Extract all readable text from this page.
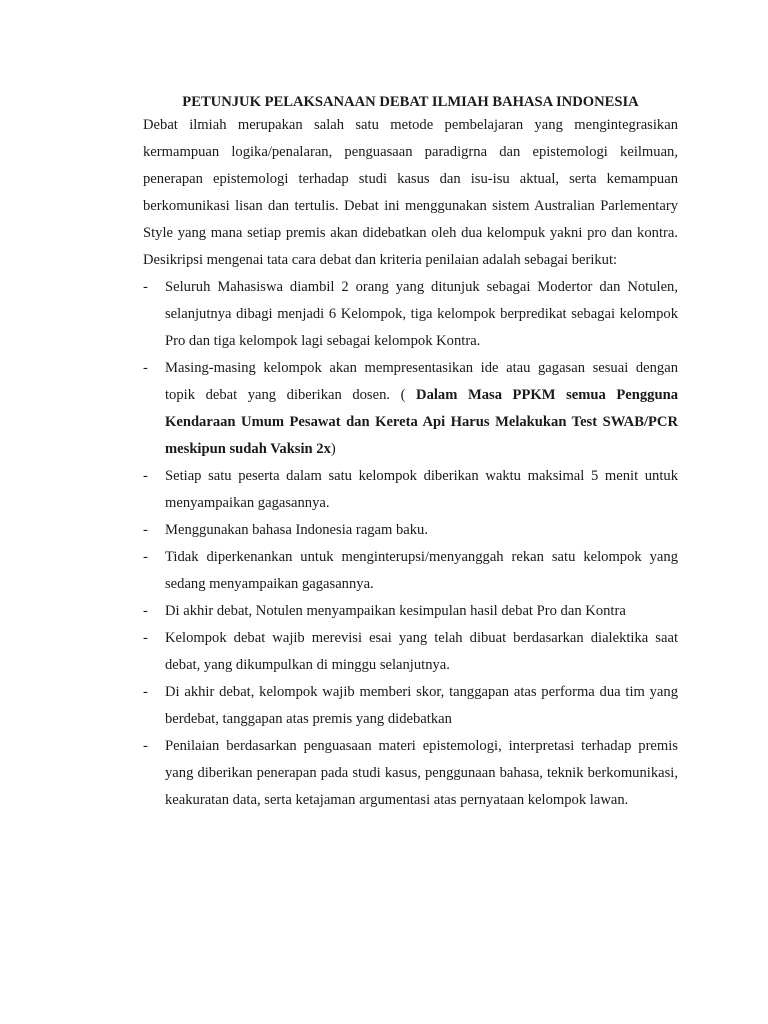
PETUNJUK PELAKSANAAN DEBAT ILMIAH BAHASA INDONESIA

Debat ilmiah merupakan salah satu metode pembelajaran yang mengintegrasikan kermampuan logika/penalaran, penguasaan paradigrna dan epistemologi keilmuan, penerapan epistemologi terhadap studi kasus dan isu-isu aktual, serta kemampuan berkomunikasi lisan dan tertulis. Debat ini menggunakan sistem Australian Parlementary Style yang mana setiap premis akan didebatkan oleh dua kelompuk yakni pro dan kontra. Desikripsi mengenai tata cara debat dan kriteria penilaian adalah sebagai berikut:

- Seluruh Mahasiswa diambil 2 orang yang ditunjuk sebagai Modertor dan Notulen, selanjutnya dibagi menjadi 6 Kelompok, tiga kelompok berpredikat sebagai kelompok Pro dan tiga kelompok lagi sebagai kelompok Kontra.
- Masing-masing kelompok akan mempresentasikan ide atau gagasan sesuai dengan topik debat yang diberikan dosen. ( Dalam Masa PPKM semua Pengguna Kendaraan Umum Pesawat dan Kereta Api Harus Melakukan Test SWAB/PCR meskipun sudah Vaksin 2x)
- Setiap satu peserta dalam satu kelompok diberikan waktu maksimal 5 menit untuk menyampaikan gagasannya.
- Menggunakan bahasa Indonesia ragam baku.
- Tidak diperkenankan untuk menginterupsi/menyanggah rekan satu kelompok yang sedang menyampaikan gagasannya.
- Di akhir debat, Notulen menyampaikan kesimpulan hasil debat Pro dan Kontra
- Kelompok debat wajib merevisi esai yang telah dibuat berdasarkan dialektika saat debat, yang dikumpulkan di minggu selanjutnya.
- Di akhir debat, kelompok wajib memberi skor, tanggapan atas performa dua tim yang berdebat, tanggapan atas premis yang didebatkan
- Penilaian berdasarkan penguasaan materi epistemologi, interpretasi terhadap premis yang diberikan penerapan pada studi kasus, penggunaan bahasa, teknik berkomunikasi, keakuratan data, serta ketajaman argumentasi atas pernyataan kelompok lawan.
